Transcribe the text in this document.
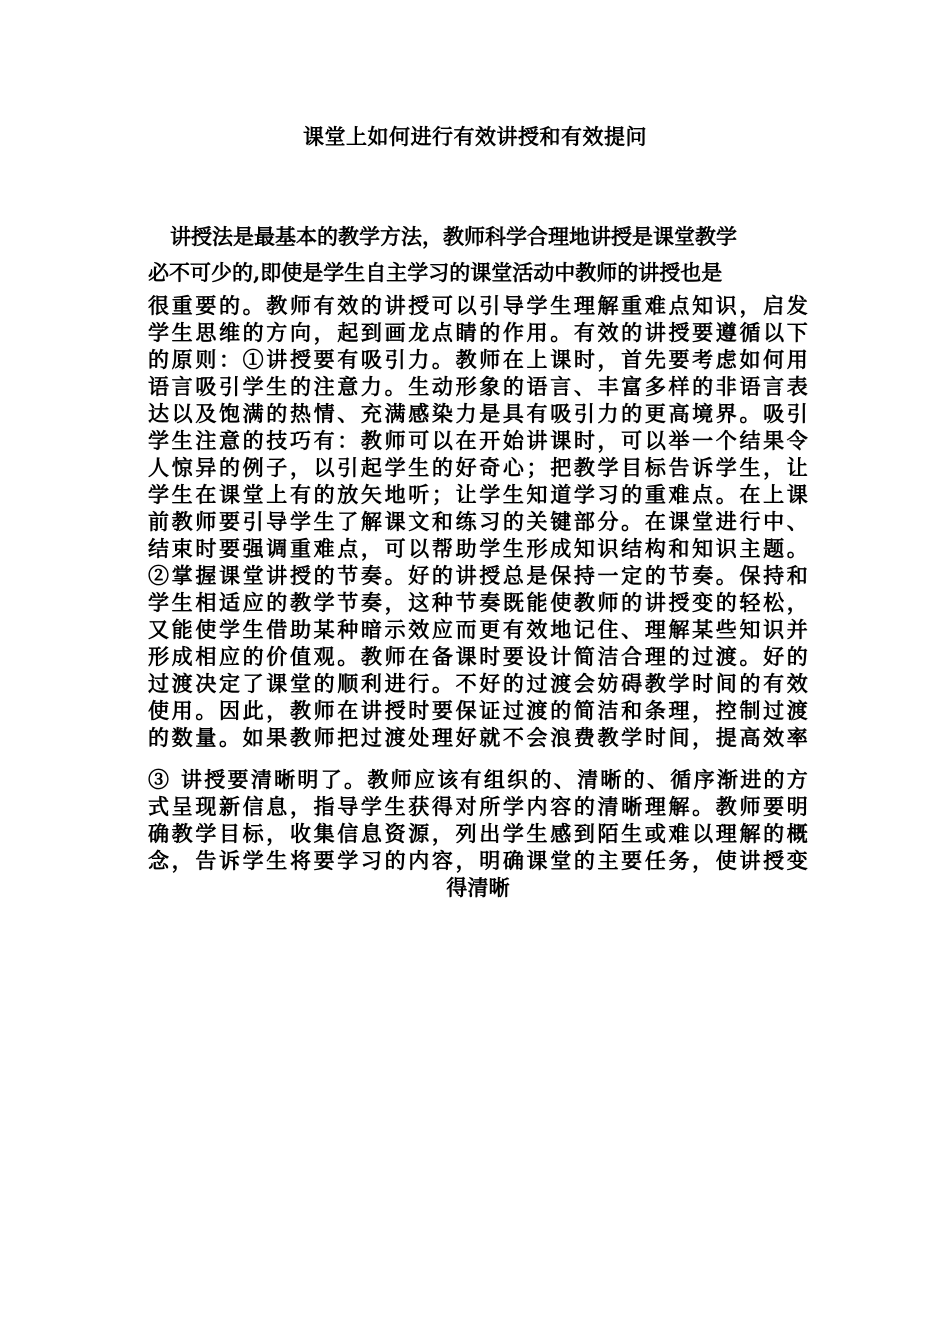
课堂上如何进行有效讲授和有效提问
讲授法是最基本的教学方法，教师科学合理地讲授是课堂教学
必不可少的,即使是学生自主学习的课堂活动中教师的讲授也是
很重要的。教师有效的讲授可以引导学生理解重难点知识，启发
学生思维的方向，起到画龙点睛的作用。有效的讲授要遵循以下
的原则：①讲授要有吸引力。教师在上课时，首先要考虑如何用
语言吸引学生的注意力。生动形象的语言、丰富多样的非语言表
达以及饱满的热情、充满感染力是具有吸引力的更高境界。吸引
学生注意的技巧有：教师可以在开始讲课时，可以举一个结果令
人惊异的例子，以引起学生的好奇心；把教学目标告诉学生，让
学生在课堂上有的放矢地听；让学生知道学习的重难点。在上课
前教师要引导学生了解课文和练习的关键部分。在课堂进行中、
结束时要强调重难点，可以帮助学生形成知识结构和知识主题。
②掌握课堂讲授的节奏。好的讲授总是保持一定的节奏。保持和
学生相适应的教学节奏，这种节奏既能使教师的讲授变的轻松，
又能使学生借助某种暗示效应而更有效地记住、理解某些知识并
形成相应的价值观。教师在备课时要设计简洁合理的过渡。好的
过渡决定了课堂的顺利进行。不好的过渡会妨碍教学时间的有效
使用。因此，教师在讲授时要保证过渡的简洁和条理，控制过渡
的数量。如果教师把过渡处理好就不会浪费教学时间，提高效率
③ 讲授要清晰明了。教师应该有组织的、清晰的、循序渐进的方
式呈现新信息，指导学生获得对所学内容的清晰理解。教师要明
确教学目标，收集信息资源，列出学生感到陌生或难以理解的概
念，告诉学生将要学习的内容，明确课堂的主要任务，使讲授变
得清晰
